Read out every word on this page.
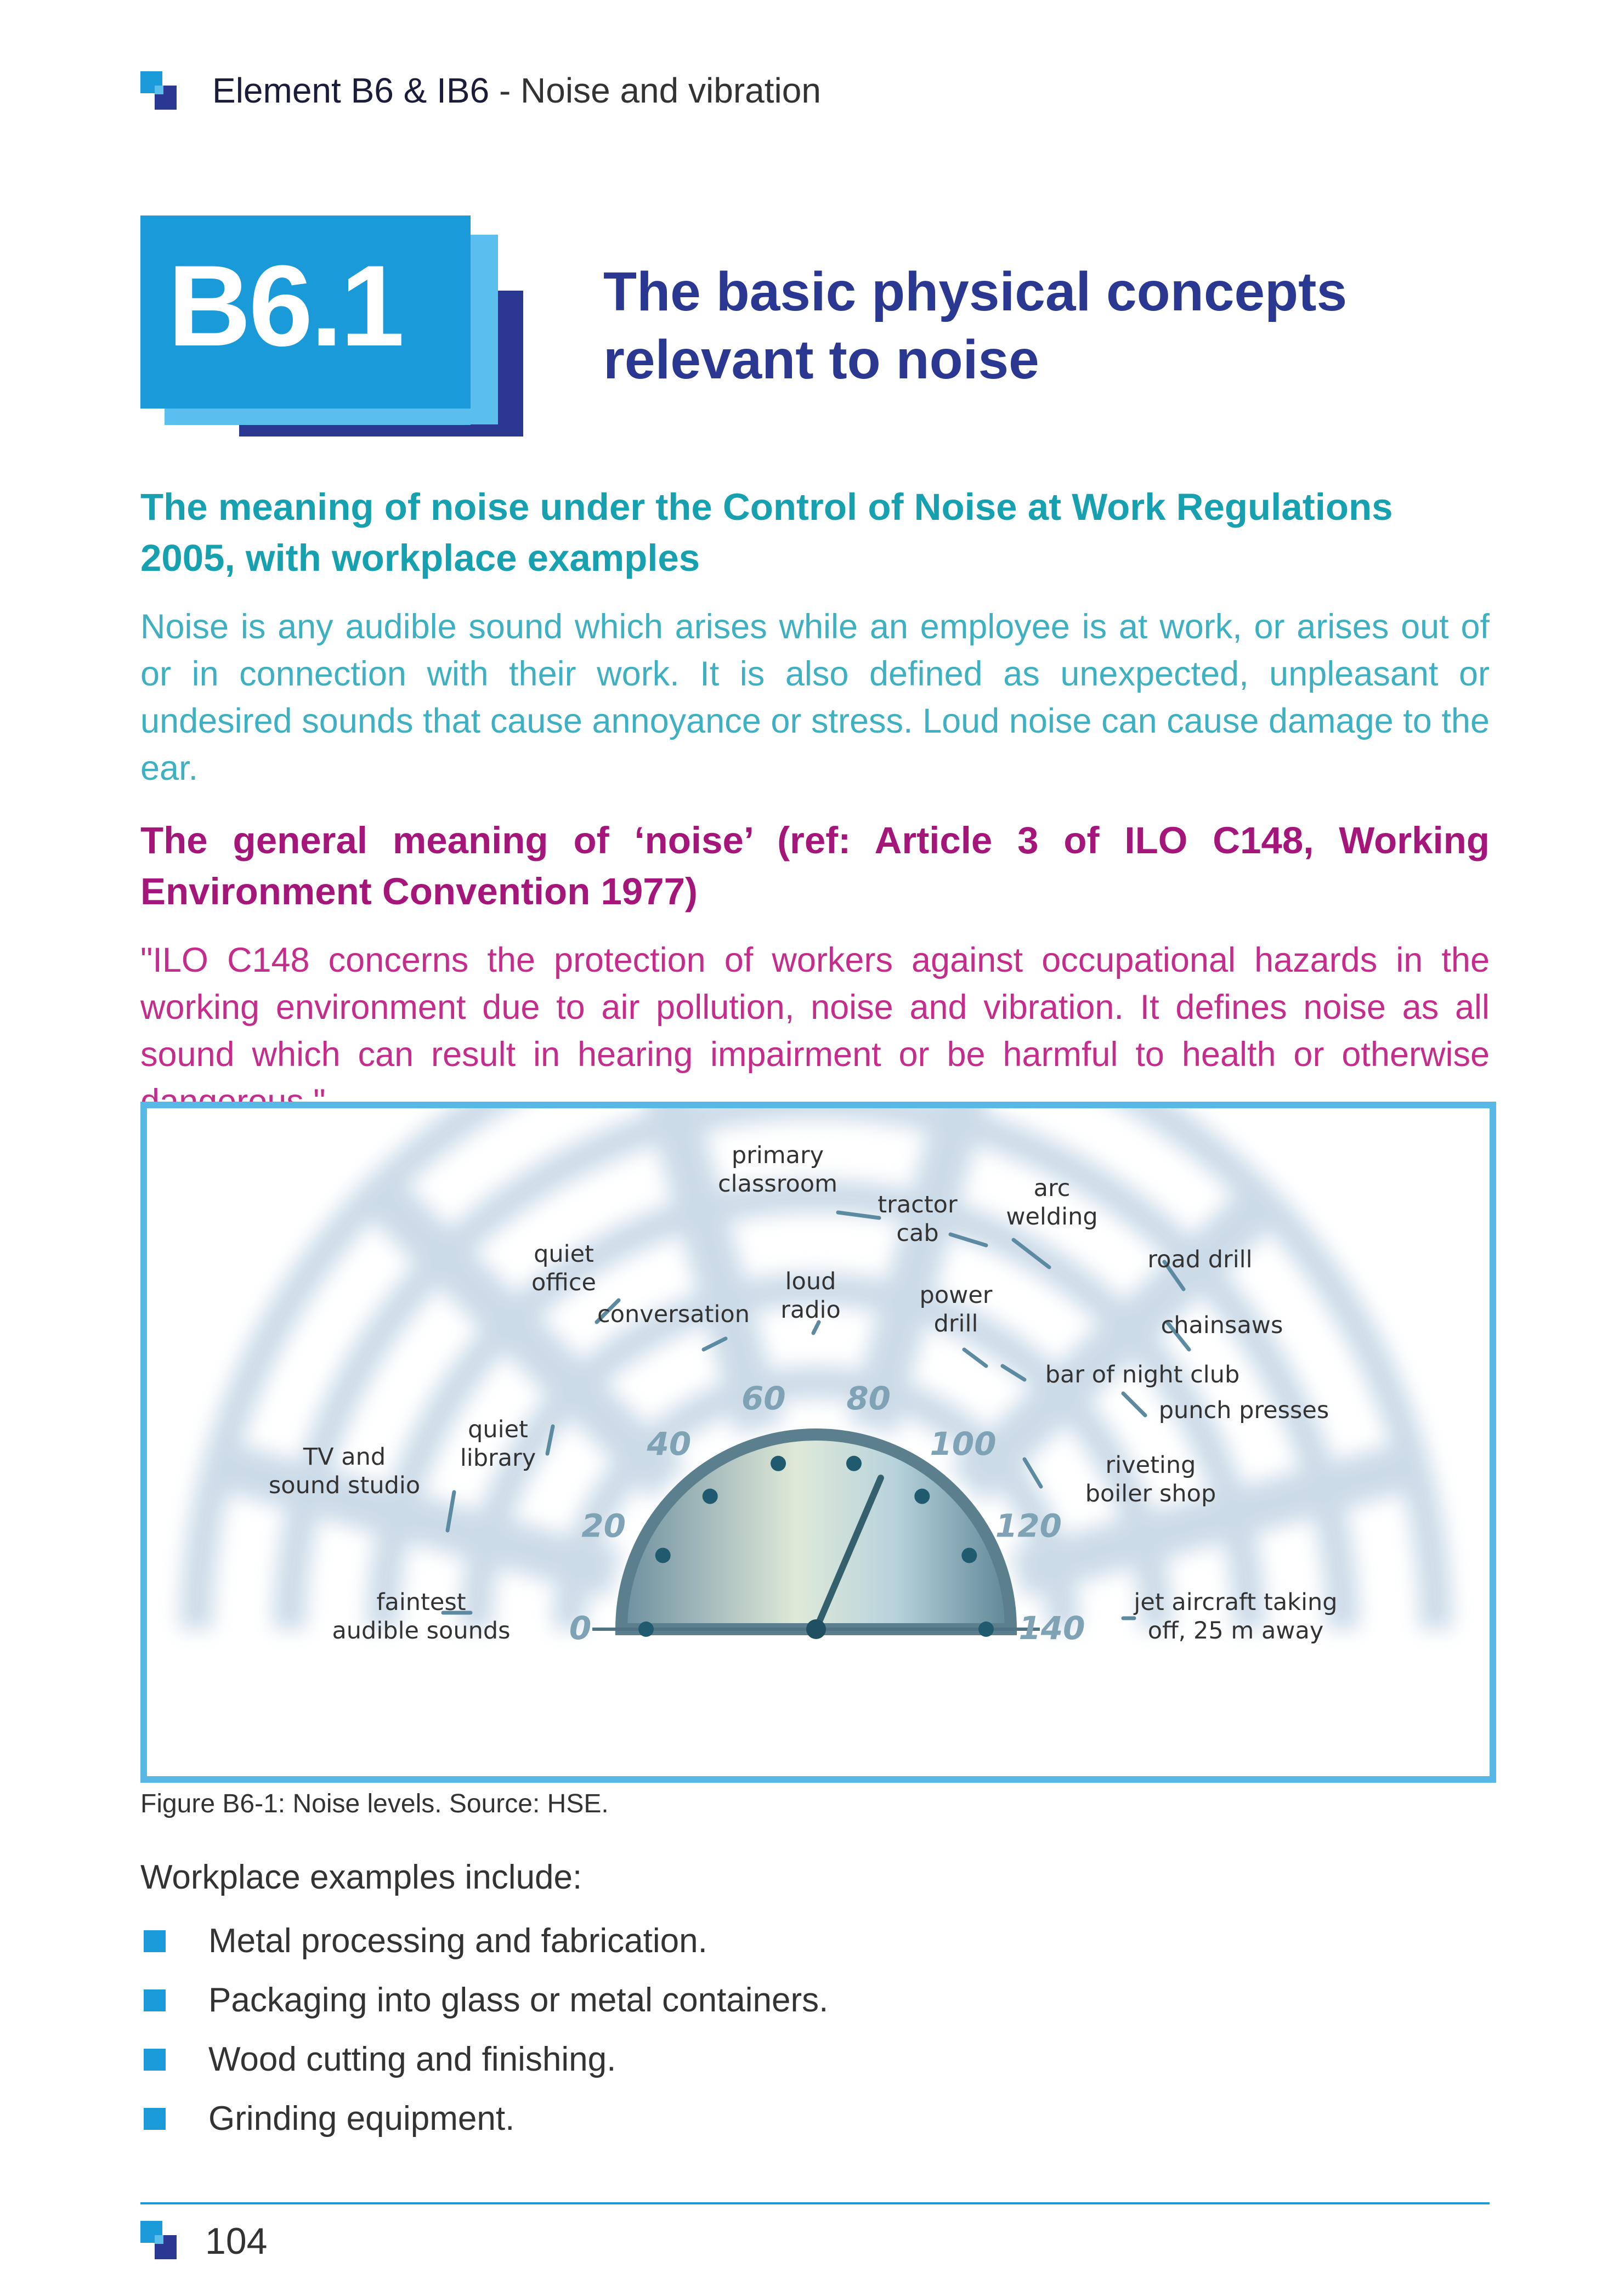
Element B6 & IB6 - Noise and vibration
B6.1	The basic physical concepts relevant to noise
The meaning of noise under the Control of Noise at Work Regulations 2005, with workplace examples
Noise is any audible sound which arises while an employee is at work, or arises out of or in connection with their work. It is also defined as unexpected, unpleasant or undesired sounds that cause annoyance or stress. Loud noise can cause damage to the ear.
The general meaning of ‘noise’ (ref: Article 3 of ILO C148, Working Environment Convention 1977)
"ILO C148 concerns the protection of workers against occupational hazards in the working environment due to air pollution, noise and vibration. It defines noise as all sound which can result in hearing impairment or be harmful to health or otherwise
0
20
40
60 80
100
120
140
faintest audible sounds
TV and sound studio
quiet library
quiet office
conversation
primary classroom
loud radio
tractor cab
power drill
arc welding
road drill
chainsaws
bar of night club
punch presses
riveting boiler shop
jet aircraft taking off, 25 m away
Figure B6-1: Noise levels. Source: HSE.
Workplace examples include:
Metal processing and fabrication.
Packaging into glass or metal containers.
Wood cutting and finishing.
Grinding equipment.
104
